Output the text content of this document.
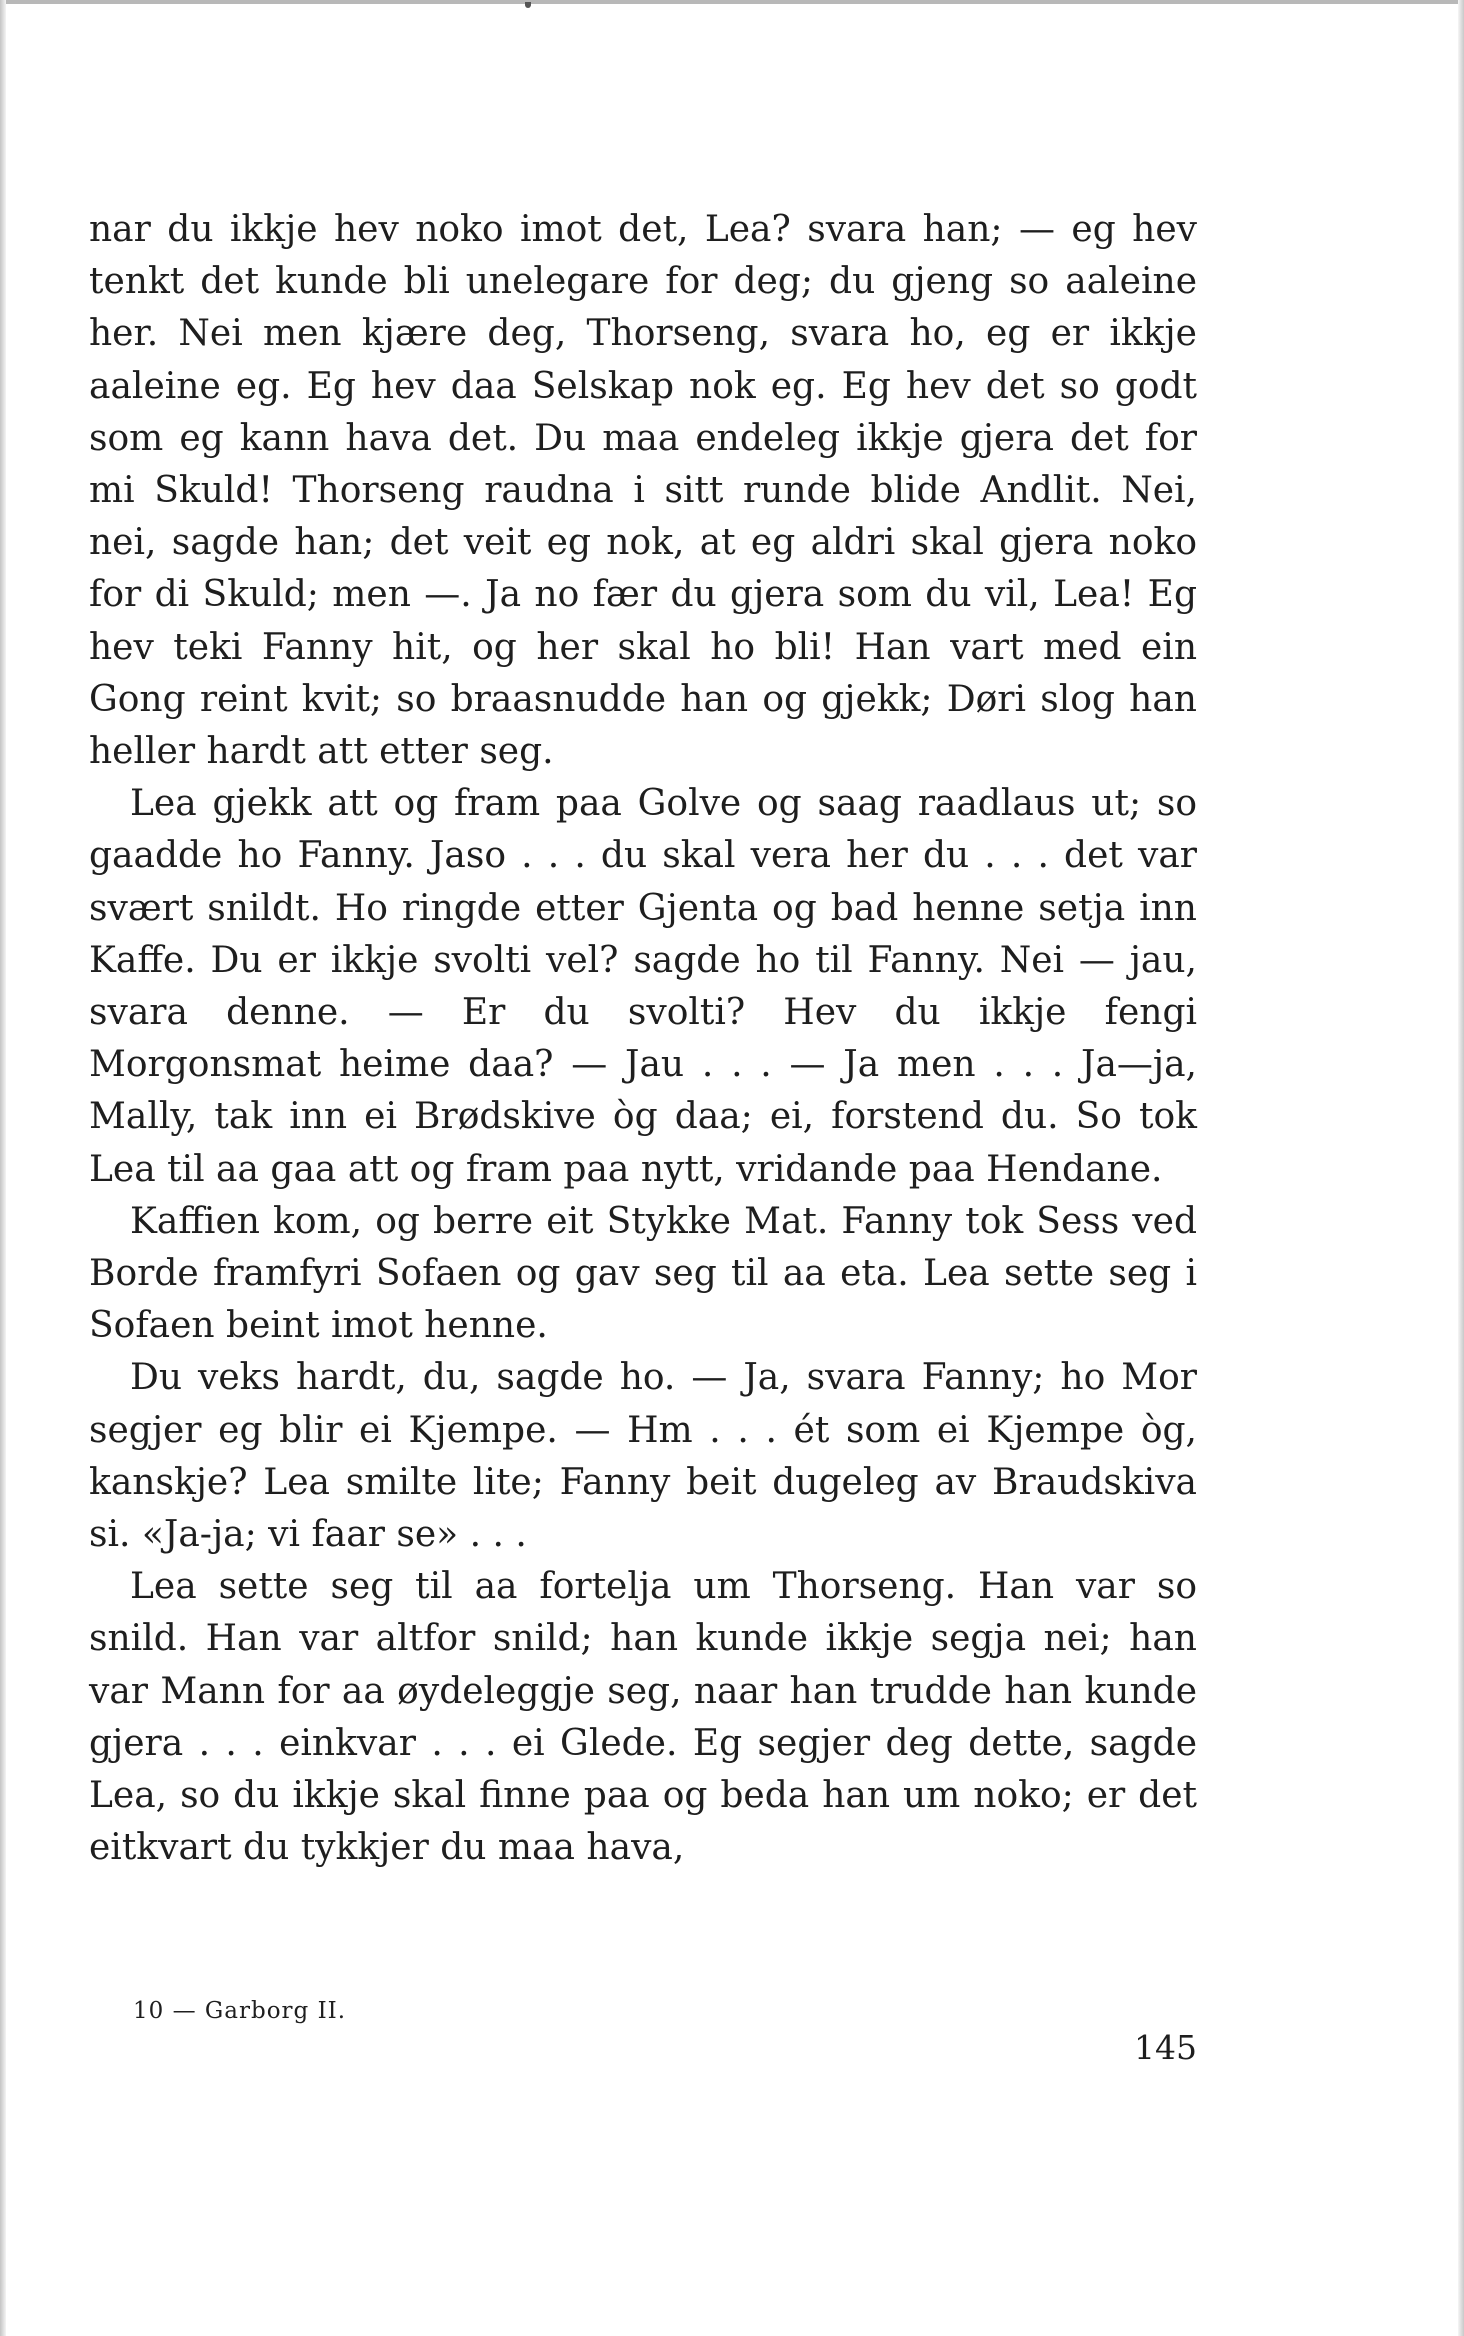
nar du ikkje hev noko imot det, Lea? svara han; — eg hev tenkt det kunde bli unelegare for deg; du gjeng so aaleine her. Nei men kjære deg, Thorseng, svara ho, eg er ikkje aaleine eg. Eg hev daa Selskap nok eg. Eg hev det so godt som eg kann hava det. Du maa endeleg ikkje gjera det for mi Skuld! Thorseng raudna i sitt runde blide Andlit. Nei, nei, sagde han; det veit eg nok, at eg aldri skal gjera noko for di Skuld; men —. Ja no fær du gjera som du vil, Lea! Eg hev teki Fanny hit, og her skal ho bli! Han vart med ein Gong reint kvit; so braasnudde han og gjekk; Døri slog han heller hardt att etter seg.

Lea gjekk att og fram paa Golve og saag raadlaus ut; so gaadde ho Fanny. Jaso . . . du skal vera her du . . . det var svært snildt. Ho ringde etter Gjenta og bad henne setja inn Kaffe. Du er ikkje svolti vel? sagde ho til Fanny. Nei — jau, svara denne. — Er du svolti? Hev du ikkje fengi Morgonsmat heime daa? — Jau . . . — Ja men . . . Ja—ja, Mally, tak inn ei Brødskive òg daa; ei, forstend du. So tok Lea til aa gaa att og fram paa nytt, vridande paa Hendane.

Kaffien kom, og berre eit Stykke Mat. Fanny tok Sess ved Borde framfyri Sofaen og gav seg til aa eta. Lea sette seg i Sofaen beint imot henne.

Du veks hardt, du, sagde ho. — Ja, svara Fanny; ho Mor segjer eg blir ei Kjempe. — Hm . . . ét som ei Kjempe òg, kanskje? Lea smilte lite; Fanny beit dugeleg av Braudskiva si. «Ja-ja; vi faar se» . . .

Lea sette seg til aa fortelja um Thorseng. Han var so snild. Han var altfor snild; han kunde ikkje segja nei; han var Mann for aa øydeleggje seg, naar han trudde han kunde gjera . . . einkvar . . . ei Glede. Eg segjer deg dette, sagde Lea, so du ikkje skal finne paa og beda han um noko; er det eitkvart du tykkjer du maa hava,

10 — Garborg II.
145
